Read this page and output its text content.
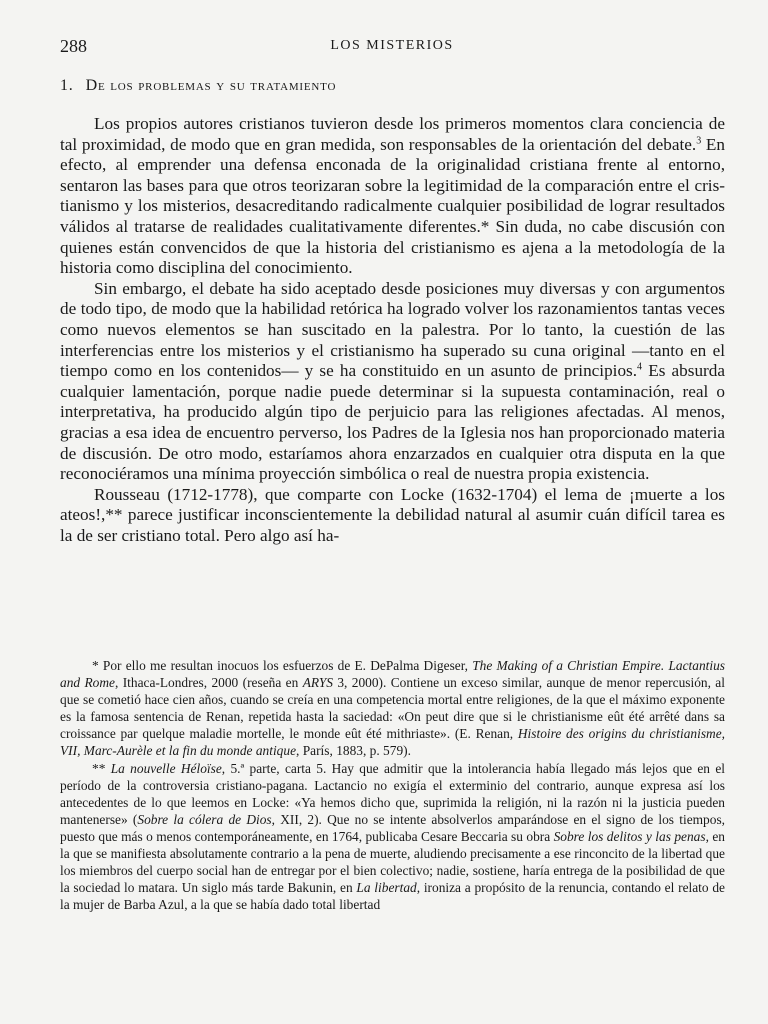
288	LOS MISTERIOS
1. De los problemas y su tratamiento

Los propios autores cristianos tuvieron desde los primeros momentos clara conciencia de tal proximidad, de modo que en gran medida, son responsables de la orientación del debate.$^3$ En efecto, al emprender una defensa enconada de la originalidad cristiana frente al entorno, sentaron las bases para que otros teorizaran sobre la legitimidad de la comparación entre el cristianismo y los misterios, desacreditando radicalmente cualquier posibilidad de lograr resultados válidos al tratarse de realidades cualitativamente diferentes.* Sin duda, no cabe discusión con quienes están convencidos de que la historia del cristianismo es ajena a la metodología de la historia como disciplina del conocimiento.

Sin embargo, el debate ha sido aceptado desde posiciones muy diversas y con argumentos de todo tipo, de modo que la habilidad retórica ha logrado volver los razonamientos tantas veces como nuevos elementos se han suscitado en la palestra. Por lo tanto, la cuestión de las interferencias entre los misterios y el cristianismo ha superado su cuna original —tanto en el tiempo como en los contenidos— y se ha constituido en un asunto de principios.$^4$ Es absurda cualquier lamentación, porque nadie puede determinar si la supuesta contaminación, real o interpretativa, ha producido algún tipo de perjuicio para las religiones afectadas. Al menos, gracias a esa idea de encuentro perverso, los Padres de la Iglesia nos han proporcionado materia de discusión. De otro modo, estaríamos ahora enzarzados en cualquier otra disputa en la que reconociéramos una mínima proyección simbólica o real de nuestra propia existencia.

Rousseau (1712-1778), que comparte con Locke (1632-1704) el lema de ¡muerte a los ateos!,** parece justificar inconscientemente la debilidad natural al asumir cuán difícil tarea es la de ser cristiano total. Pero algo así ha-

* Por ello me resultan inocuos los esfuerzos de E. DePalma Digeser, The Making of a Christian Empire. Lactantius and Rome, Ithaca-Londres, 2000 (reseña en ARYS 3, 2000). Contiene un exceso similar, aunque de menor repercusión, al que se cometió hace cien años, cuando se creía en una competencia mortal entre religiones, de la que el máximo exponente es la famosa sentencia de Renan, repetida hasta la saciedad: «On peut dire que si le christianisme eût été arrêté dans sa croissance par quelque maladie mortelle, le monde eût été mithriaste». (E. Renan, Histoire des origins du christianisme, VII, Marc-Aurèle et la fin du monde antique, París, 1883, p. 579).

** La nouvelle Héloïse, 5.ª parte, carta 5. Hay que admitir que la intolerancia había llegado más lejos que en el período de la controversia cristiano-pagana. Lactancio no exigía el exterminio del contrario, aunque expresa así los antecedentes de lo que leemos en Locke: «Ya hemos dicho que, suprimida la religión, ni la razón ni la justicia pueden mantenerse» (Sobre la cólera de Dios, XII, 2). Que no se intente absolverlos amparándose en el signo de los tiempos, puesto que más o menos contemporáneamente, en 1764, publicaba Cesare Beccaria su obra Sobre los delitos y las penas, en la que se manifiesta absolutamente contrario a la pena de muerte, aludiendo precisamente a ese rinconcito de la libertad que los miembros del cuerpo social han de entregar por el bien colectivo; nadie, sostiene, haría entrega de la posibilidad de que la sociedad lo matara. Un siglo más tarde Bakunin, en La libertad, ironiza a propósito de la renuncia, contando el relato de la mujer de Barba Azul, a la que se había dado total libertad
